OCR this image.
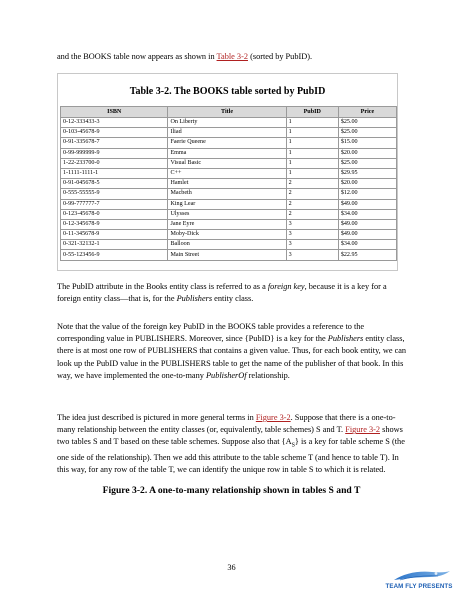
and the BOOKS table now appears as shown in Table 3-2 (sorted by PubID).

Table 3-2. The BOOKS table sorted by PubID
ISBN	Title	PubID	Price
0-12-333433-3	On Liberty	1	$25.00
0-103-45678-9	Iliad	1	$25.00
0-91-335678-7	Faerie Queene	1	$15.00
0-99-999999-9	Emma	1	$20.00
1-22-233700-0	Visual Basic	1	$25.00
1-1111-1111-1	C++	1	$29.95
0-91-045678-5	Hamlet	2	$20.00
0-555-55555-9	Macbeth	2	$12.00
0-99-777777-7	King Lear	2	$49.00
0-123-45678-0	Ulysses	2	$34.00
0-12-345678-9	Jane Eyre	3	$49.00
0-11-345678-9	Moby-Dick	3	$49.00
0-321-32132-1	Balloon	3	$34.00
0-55-123456-9	Main Street	3	$22.95

The PubID attribute in the Books entity class is referred to as a foreign key, because it is a key for a foreign entity class—that is, for the Publishers entity class.

Note that the value of the foreign key PubID in the BOOKS table provides a reference to the corresponding value in PUBLISHERS. Moreover, since {PubID} is a key for the Publishers entity class, there is at most one row of PUBLISHERS that contains a given value. Thus, for each book entity, we can look up the PubID value in the PUBLISHERS table to get the name of the publisher of that book. In this way, we have implemented the one-to-many PublisherOf relationship.

The idea just described is pictured in more general terms in Figure 3-2. Suppose that there is a one-to-many relationship between the entity classes (or, equivalently, table schemes) S and T. Figure 3-2 shows two tables S and T based on these table schemes. Suppose also that $\{A_S\}$ is a key for table scheme S (the one side of the relationship). Then we add this attribute to the table scheme T (and hence to table T). In this way, for any row of the table T, we can identify the unique row in table S to which it is related.

Figure 3-2. A one-to-many relationship shown in tables S and T
36
TEAM FLY PRESENTS
